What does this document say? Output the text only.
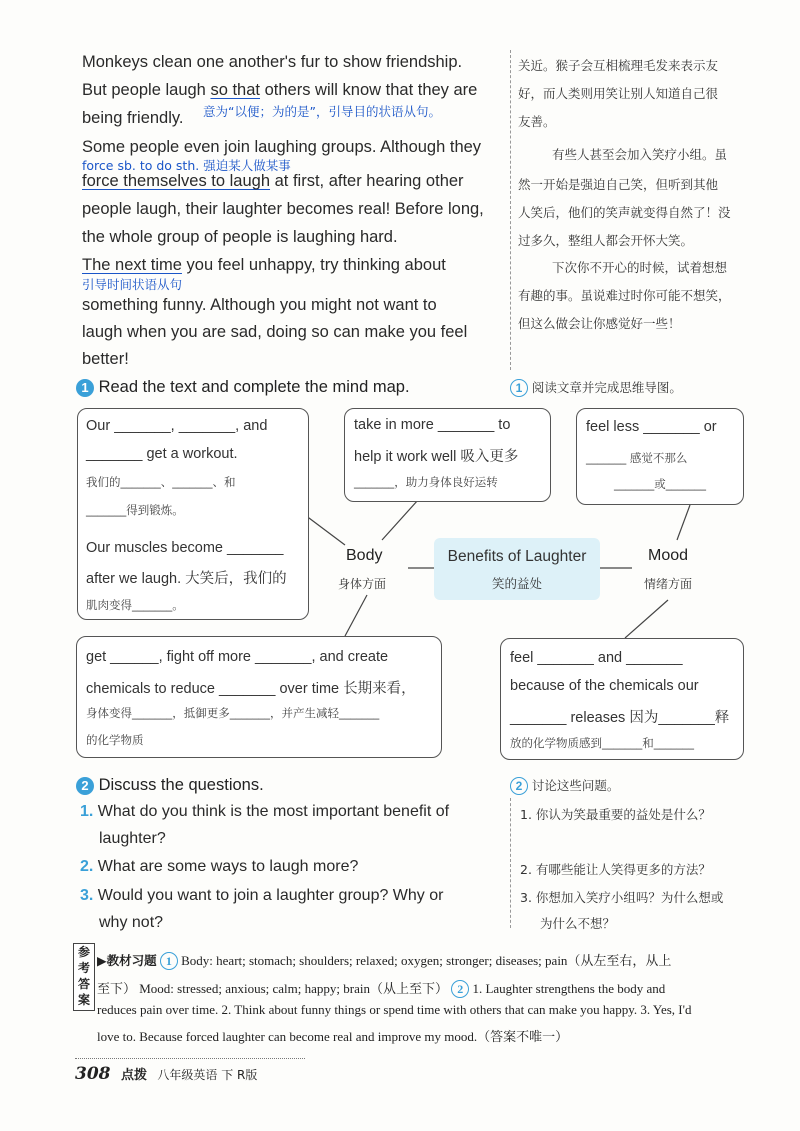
Monkeys clean one another's fur to show friendship.
But people laugh so that others will know that they are
being friendly. 意为“以便；为的是”，引导目的状语从句。
Some people even join laughing groups. Although they
force sb. to do sth. 强迫某人做某事
force themselves to laugh at first, after hearing other
people laugh, their laughter becomes real! Before long,
the whole group of people is laughing hard.
The next time you feel unhappy, try thinking about
引导时间状语从句
something funny. Although you might not want to
laugh when you are sad, doing so can make you feel
better!
关近。猴子会互相梳理毛发来表示友
好，而人类则用笑让别人知道自己很
友善。
有些人甚至会加入笑疗小组。虽
然一开始是强迫自己笑，但听到其他
人笑后，他们的笑声就变得自然了！没
过多久，整组人都会开怀大笑。
下次你不开心的时候，试着想想
有趣的事。虽说难过时你可能不想笑，
但这么做会让你感觉好一些！
1 Read the text and complete the mind map.	1 阅读文章并完成思维导图。
Our _______, _______, and
_______ get a workout.
我们的_______、_______、和
_______得到锻炼。
Our muscles become _______
after we laugh. 大笑后，我们的
肌肉变得_______。
take in more _______ to
help it work well 吸入更多
_______，助力身体良好运转
feel less _______ or
_______ 感觉不那么
_______或_______
Body
身体方面
Benefits of Laughter
笑的益处
Mood
情绪方面
get ______, fight off more _______, and create
chemicals to reduce _______ over time 长期来看，
身体变得_______，抵御更多_______，并产生减轻_______
的化学物质
feel _______ and _______
because of the chemicals our
_______ releases 因为_______释
放的化学物质感到_______和_______
2 Discuss the questions.	2 讨论这些问题。
1. What do you think is the most important benefit of
laughter?
2. What are some ways to laugh more?
3. Would you want to join a laughter group? Why or
why not?
1. 你认为笑最重要的益处是什么？
2. 有哪些能让人笑得更多的方法？
3. 你想加入笑疗小组吗？为什么想或
为什么不想？
参考答案
▶教材习题 1 Body: heart; stomach; shoulders; relaxed; oxygen; stronger; diseases; pain（从左至右，从上
至下） Mood: stressed; anxious; calm; happy; brain（从上至下） 2 1. Laughter strengthens the body and
reduces pain over time. 2. Think about funny things or spend time with others that can make you happy. 3. Yes, I'd
love to. Because forced laughter can become real and improve my mood.（答案不唯一）
308 点拨 八年级英语 下 R版
